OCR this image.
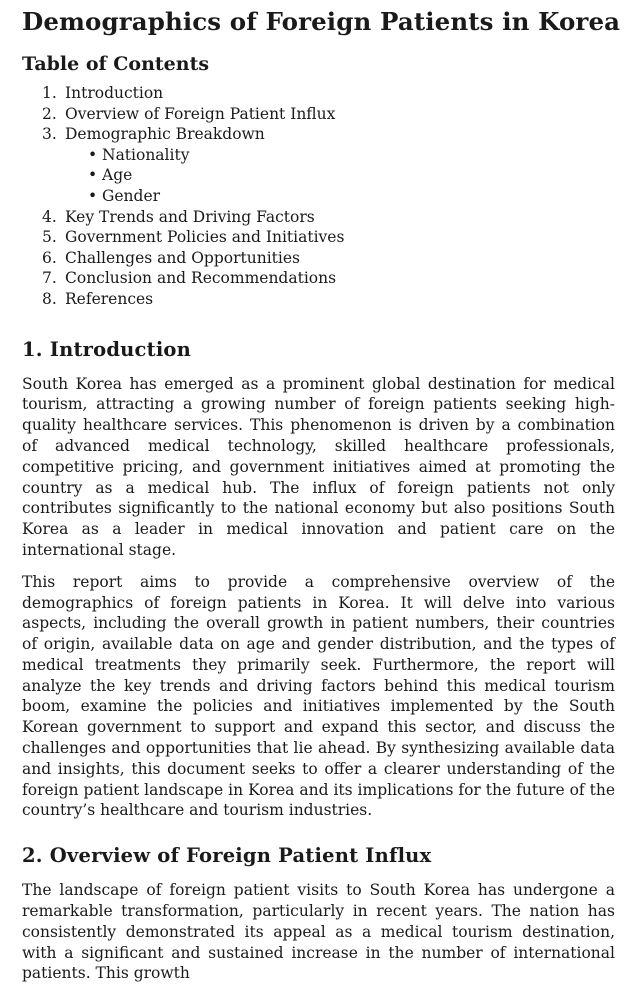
Demographics of Foreign Patients in Korea
Table of Contents
1. Introduction
2. Overview of Foreign Patient Influx
3. Demographic Breakdown
• Nationality
• Age
• Gender
4. Key Trends and Driving Factors
5. Government Policies and Initiatives
6. Challenges and Opportunities
7. Conclusion and Recommendations
8. References
1. Introduction

South Korea has emerged as a prominent global destination for medical tourism, attracting a growing number of foreign patients seeking high-quality healthcare services. This phenomenon is driven by a combination of advanced medical technology, skilled healthcare professionals, competitive pricing, and government initiatives aimed at promoting the country as a medical hub. The influx of foreign patients not only contributes significantly to the national economy but also positions South Korea as a leader in medical innovation and patient care on the international stage.

This report aims to provide a comprehensive overview of the demographics of foreign patients in Korea. It will delve into various aspects, including the overall growth in patient numbers, their countries of origin, available data on age and gender distribution, and the types of medical treatments they primarily seek. Furthermore, the report will analyze the key trends and driving factors behind this medical tourism boom, examine the policies and initiatives implemented by the South Korean government to support and expand this sector, and discuss the challenges and opportunities that lie ahead. By synthesizing available data and insights, this document seeks to offer a clearer understanding of the foreign patient landscape in Korea and its implications for the future of the country’s healthcare and tourism industries.

2. Overview of Foreign Patient Influx

The landscape of foreign patient visits to South Korea has undergone a remarkable transformation, particularly in recent years. The nation has consistently demonstrated its appeal as a medical tourism destination, with a significant and sustained increase in the number of international patients. This growth
